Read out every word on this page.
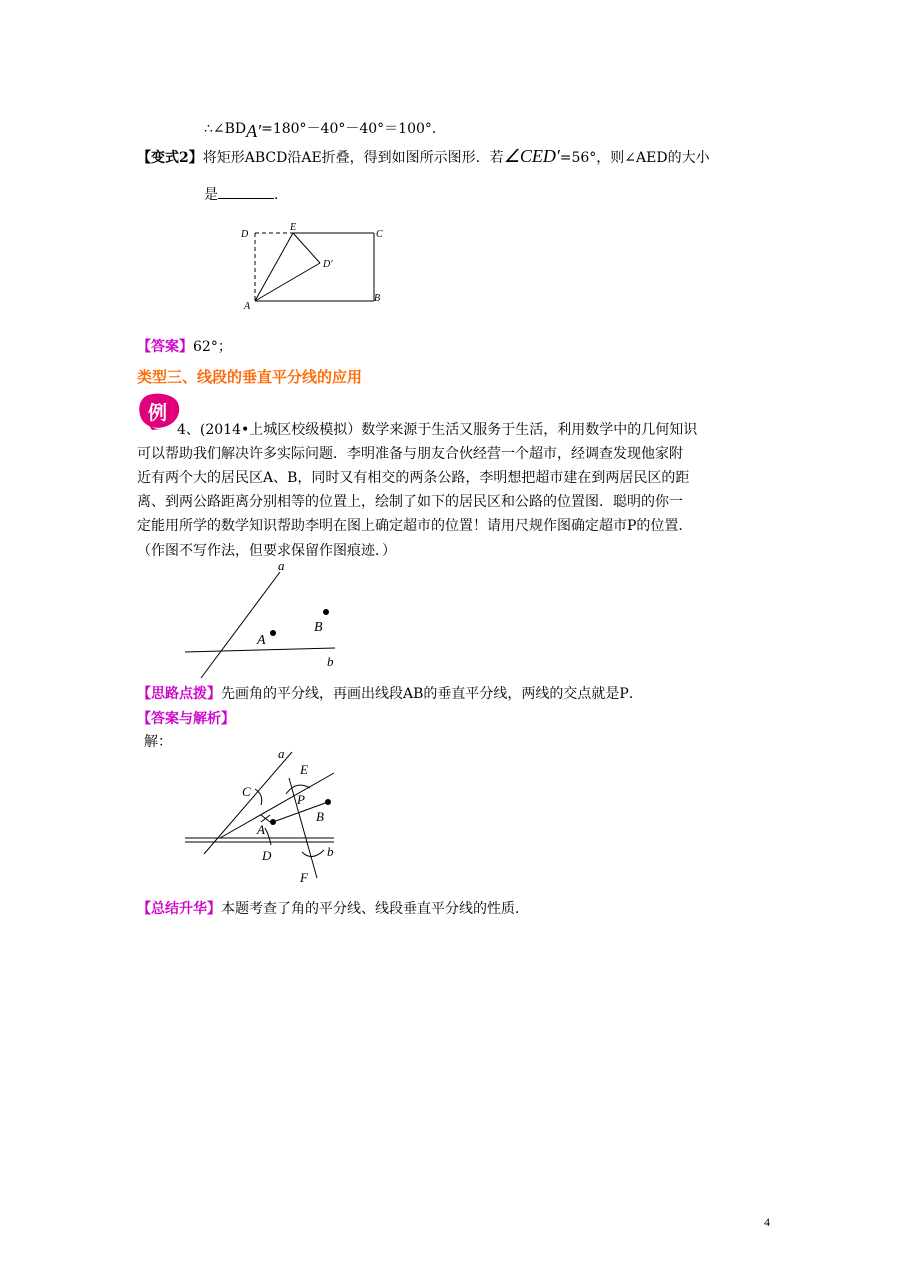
∴∠BDA′=180°－40°－40°＝100°．
【变式2】将矩形ABCD沿AE折叠，得到如图所示图形．若∠CED′=56°，则∠AED的大小
是	.
D
E
C
D′
A
B
【答案】62°；
类型三、线段的垂直平分线的应用
例
4、(2014•上城区校级模拟）数学来源于生活又服务于生活，利用数学中的几何知识
可以帮助我们解决许多实际问题．李明准备与朋友合伙经营一个超市，经调查发现他家附
近有两个大的居民区A、B，同时又有相交的两条公路，李明想把超市建在到两居民区的距
离、到两公路距离分别相等的位置上，绘制了如下的居民区和公路的位置图．聪明的你一
定能用所学的数学知识帮助李明在图上确定超市的位置！请用尺规作图确定超市P的位置．
（作图不写作法，但要求保留作图痕迹．）
a
B
A
b
【思路点拨】先画角的平分线，再画出线段AB的垂直平分线，两线的交点就是P．
【答案与解析】
解：
a
E
C
P
B
A
D	b
F
【总结升华】本题考查了角的平分线、线段垂直平分线的性质．
4
